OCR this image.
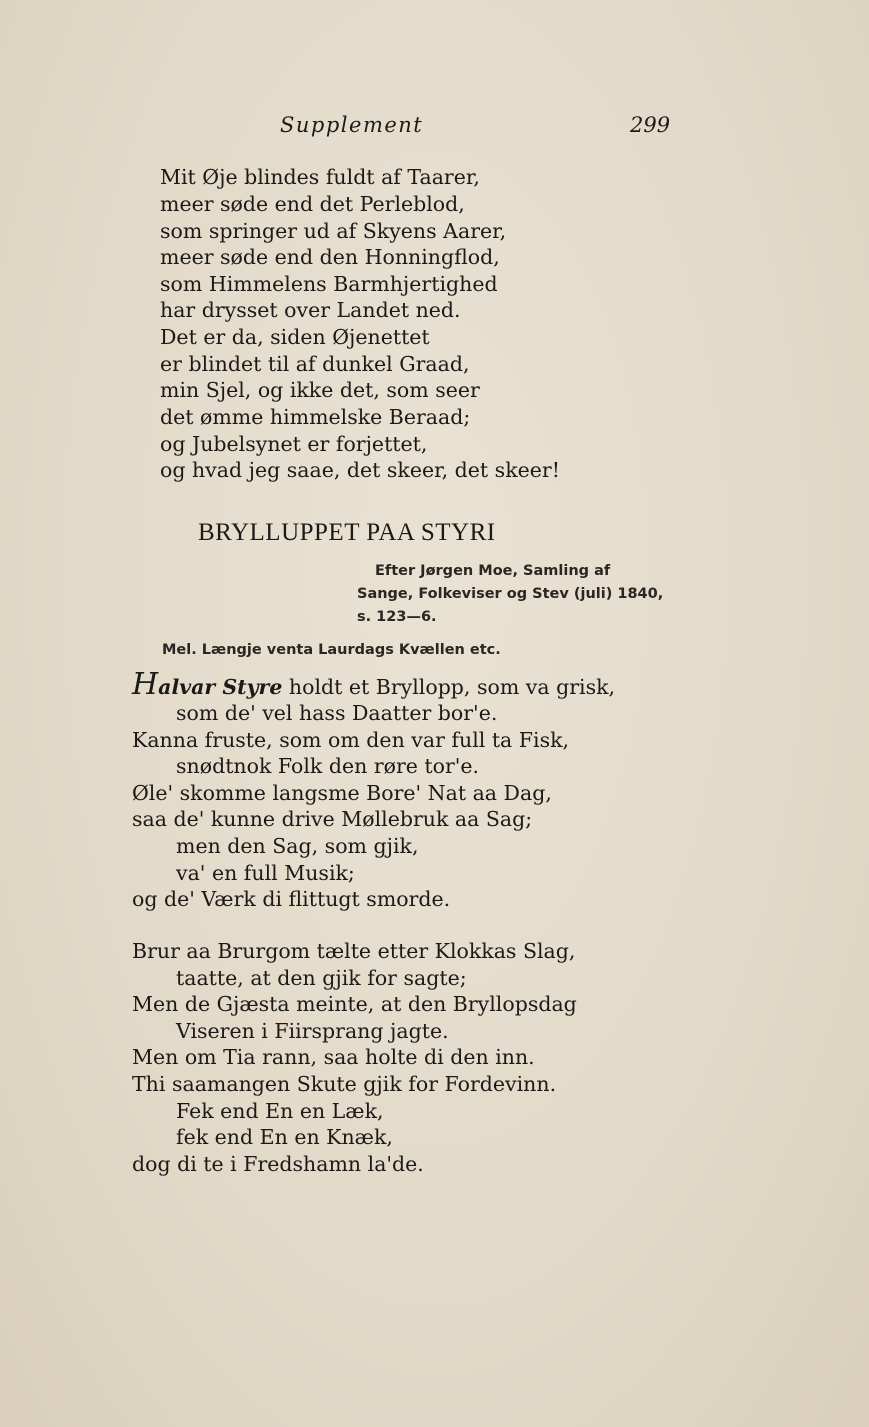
Supplement	299
Mit Øje blindes fuldt af Taarer,
meer søde end det Perleblod,
som springer ud af Skyens Aarer,
meer søde end den Honningflod,
som Himmelens Barmhjertighed
har drysset over Landet ned.
Det er da, siden Øjenettet
er blindet til af dunkel Graad,
min Sjel, og ikke det, som seer
det ømme himmelske Beraad;
og Jubelsynet er forjettet,
og hvad jeg saae, det skeer, det skeer!
BRYLLUPPET PAA STYRI
Efter Jørgen Moe, Samling af
Sange, Folkeviser og Stev (juli) 1840,
s. 123—6.
Mel. Længje venta Laurdags Kvællen etc.
Halvar Styre holdt et Bryllopp, som va grisk,
som de' vel hass Daatter bor'e.
Kanna fruste, som om den var full ta Fisk,
snødtnok Folk den røre tor'e.
Øle' skomme langsme Bore' Nat aa Dag,
saa de' kunne drive Møllebruk aa Sag;
men den Sag, som gjik,
va' en full Musik;
og de' Værk di flittugt smorde.
Brur aa Brurgom tælte etter Klokkas Slag,
taatte, at den gjik for sagte;
Men de Gjæsta meinte, at den Bryllopsdag
Viseren i Fiirsprang jagte.
Men om Tia rann, saa holte di den inn.
Thi saamangen Skute gjik for Fordevinn.
Fek end En en Læk,
fek end En en Knæk,
dog di te i Fredshamn la'de.
